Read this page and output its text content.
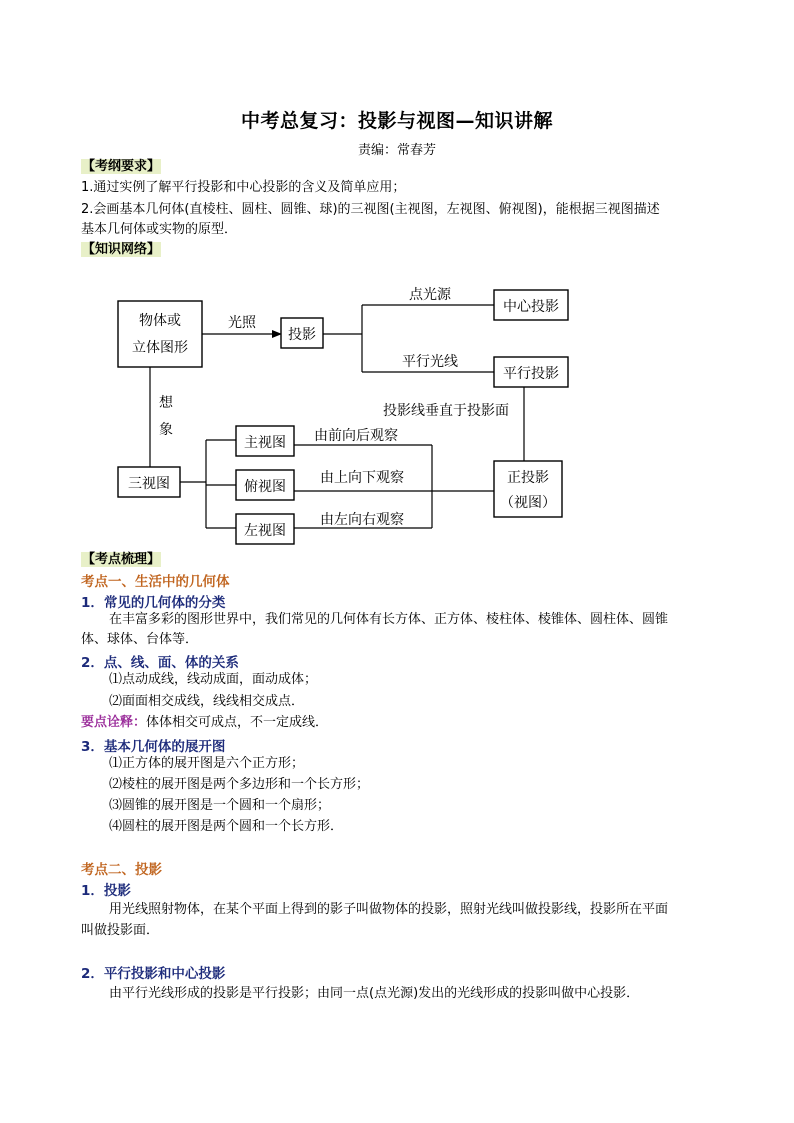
中考总复习：投影与视图—知识讲解
责编：常春芳
【考纲要求】
1.通过实例了解平行投影和中心投影的含义及简单应用；
2.会画基本几何体(直棱柱、圆柱、圆锥、球)的三视图(主视图，左视图、俯视图)，能根据三视图描述
基本几何体或实物的原型．
【知识网络】
物体或
立体图形
光照
投影
点光源
平行光线
中心投影
平行投影
投影线垂直于投影面
想
象
三视图
主视图
俯视图
左视图
由前向后观察
由上向下观察
由左向右观察
正投影
（视图）
【考点梳理】
考点一、生活中的几何体
1．常见的几何体的分类
在丰富多彩的图形世界中，我们常见的几何体有长方体、正方体、棱柱体、棱锥体、圆柱体、圆锥
体、球体、台体等．
2．点、线、面、体的关系
⑴点动成线，线动成面，面动成体；
⑵面面相交成线，线线相交成点．
要点诠释：体体相交可成点，不一定成线．
3．基本几何体的展开图
⑴正方体的展开图是六个正方形；
⑵棱柱的展开图是两个多边形和一个长方形；
⑶圆锥的展开图是一个圆和一个扇形；
⑷圆柱的展开图是两个圆和一个长方形．
考点二、投影
1．投影
用光线照射物体，在某个平面上得到的影子叫做物体的投影，照射光线叫做投影线，投影所在平面
叫做投影面．
2．平行投影和中心投影
由平行光线形成的投影是平行投影；由同一点(点光源)发出的光线形成的投影叫做中心投影．
